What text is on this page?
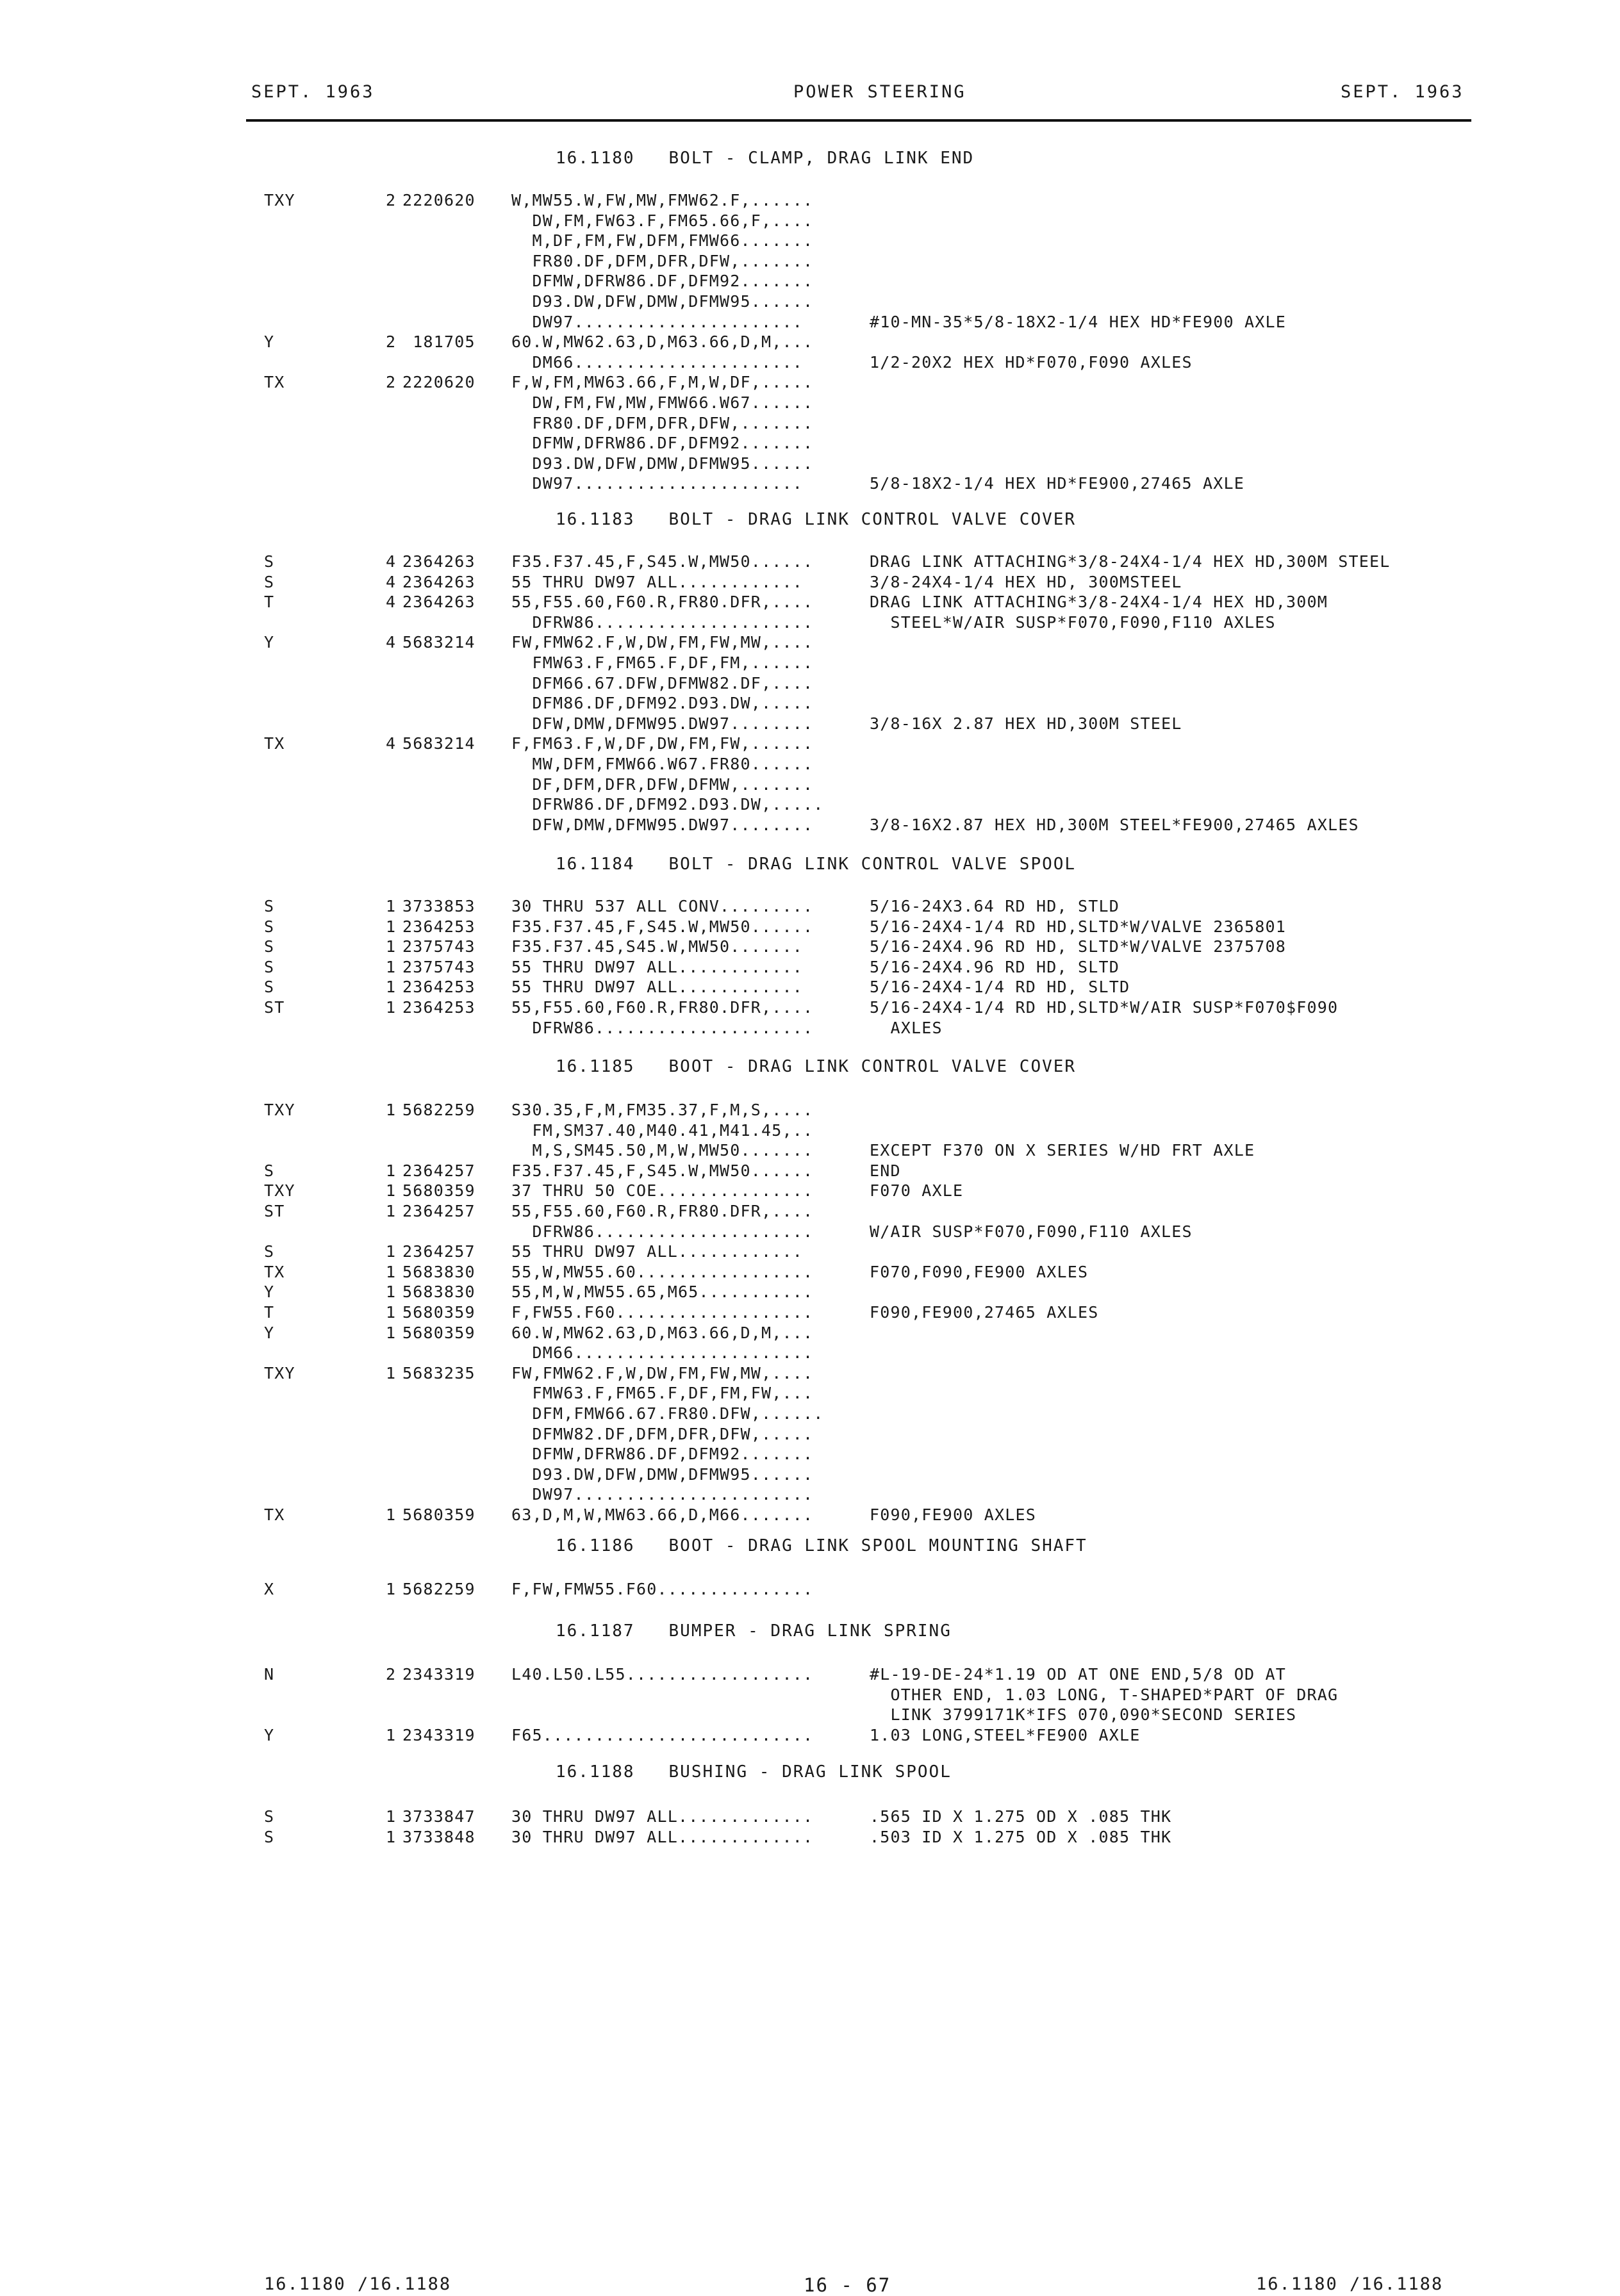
SEPT. 1963	POWER STEERING	SEPT. 1963
16.1180   BOLT - CLAMP, DRAG LINK END
TXY	2 2220620 W,MW55.W,FW,MW,FMW62.F,......
DW,FM,FW63.F,FM65.66,F,....
M,DF,FM,FW,DFM,FMW66.......
FR80.DF,DFM,DFR,DFW,.......
DFMW,DFRW86.DF,DFM92.......
D93.DW,DFW,DMW,DFMW95......
DW97......................	#10-MN-35*5/8-18X2-1/4 HEX HD*FE900 AXLE
Y	2 181705 60.W,MW62.63,D,M63.66,D,M,...
DM66......................	1/2-20X2 HEX HD*F070,F090 AXLES
TX	2 2220620 F,W,FM,MW63.66,F,M,W,DF,.....
DW,FM,FW,MW,FMW66.W67......
FR80.DF,DFM,DFR,DFW,.......
DFMW,DFRW86.DF,DFM92.......
D93.DW,DFW,DMW,DFMW95......
DW97......................	5/8-18X2-1/4 HEX HD*FE900,27465 AXLE
16.1183   BOLT - DRAG LINK CONTROL VALVE COVER
S	4 2364263 F35.F37.45,F,S45.W,MW50......	DRAG LINK ATTACHING*3/8-24X4-1/4 HEX HD,300M STEEL
S	4 2364263 55 THRU DW97 ALL............	3/8-24X4-1/4 HEX HD, 300MSTEEL
T	4 2364263 55,F55.60,F60.R,FR80.DFR,....	DRAG LINK ATTACHING*3/8-24X4-1/4 HEX HD,300M
DFRW86.....................	STEEL*W/AIR SUSP*F070,F090,F110 AXLES
Y	4 5683214 FW,FMW62.F,W,DW,FM,FW,MW,....
FMW63.F,FM65.F,DF,FM,......
DFM66.67.DFW,DFMW82.DF,....
DFM86.DF,DFM92.D93.DW,.....
DFW,DMW,DFMW95.DW97........	3/8-16X 2.87 HEX HD,300M STEEL
TX	4 5683214 F,FM63.F,W,DF,DW,FM,FW,......
MW,DFM,FMW66.W67.FR80......
DF,DFM,DFR,DFW,DFMW,.......
DFRW86.DF,DFM92.D93.DW,.....
DFW,DMW,DFMW95.DW97........	3/8-16X2.87 HEX HD,300M STEEL*FE900,27465 AXLES
16.1184   BOLT - DRAG LINK CONTROL VALVE SPOOL
S	1 3733853 30 THRU 537 ALL CONV.........	5/16-24X3.64 RD HD, STLD
S	1 2364253 F35.F37.45,F,S45.W,MW50......	5/16-24X4-1/4 RD HD,SLTD*W/VALVE 2365801
S	1 2375743 F35.F37.45,S45.W,MW50.......	5/16-24X4.96 RD HD, SLTD*W/VALVE 2375708
S	1 2375743 55 THRU DW97 ALL............	5/16-24X4.96 RD HD, SLTD
S	1 2364253 55 THRU DW97 ALL............	5/16-24X4-1/4 RD HD, SLTD
ST	1 2364253 55,F55.60,F60.R,FR80.DFR,....	5/16-24X4-1/4 RD HD,SLTD*W/AIR SUSP*F070$F090
DFRW86.....................	AXLES
16.1185   BOOT - DRAG LINK CONTROL VALVE COVER
TXY	1 5682259 S30.35,F,M,FM35.37,F,M,S,....
FM,SM37.40,M40.41,M41.45,..
M,S,SM45.50,M,W,MW50.......	EXCEPT F370 ON X SERIES W/HD FRT AXLE
S	1 2364257 F35.F37.45,F,S45.W,MW50......	END
TXY	1 5680359 37 THRU 50 COE...............	F070 AXLE
ST	1 2364257 55,F55.60,F60.R,FR80.DFR,....
DFRW86.....................	W/AIR SUSP*F070,F090,F110 AXLES
S	1 2364257 55 THRU DW97 ALL............
TX	1 5683830 55,W,MW55.60.................	F070,F090,FE900 AXLES
Y	1 5683830 55,M,W,MW55.65,M65...........
T	1 5680359 F,FW55.F60...................	F090,FE900,27465 AXLES
Y	1 5680359 60.W,MW62.63,D,M63.66,D,M,...
DM66.......................
TXY	1 5683235 FW,FMW62.F,W,DW,FM,FW,MW,....
FMW63.F,FM65.F,DF,FM,FW,...
DFM,FMW66.67.FR80.DFW,......
DFMW82.DF,DFM,DFR,DFW,.....
DFMW,DFRW86.DF,DFM92.......
D93.DW,DFW,DMW,DFMW95......
DW97.......................
TX	1 5680359 63,D,M,W,MW63.66,D,M66.......	F090,FE900 AXLES
16.1186   BOOT - DRAG LINK SPOOL MOUNTING SHAFT
X	1 5682259 F,FW,FMW55.F60...............
16.1187   BUMPER - DRAG LINK SPRING
N	2 2343319 L40.L50.L55..................	#L-19-DE-24*1.19 OD AT ONE END,5/8 OD AT
OTHER END, 1.03 LONG, T-SHAPED*PART OF DRAG
LINK 3799171K*IFS 070,090*SECOND SERIES
Y	1 2343319 F65..........................	1.03 LONG,STEEL*FE900 AXLE
16.1188   BUSHING - DRAG LINK SPOOL
S	1 3733847 30 THRU DW97 ALL.............	.565 ID X 1.275 OD X .085 THK
S	1 3733848 30 THRU DW97 ALL.............	.503 ID X 1.275 OD X .085 THK
16.1180 /16.1188	16 - 67	16.1180 /16.1188
